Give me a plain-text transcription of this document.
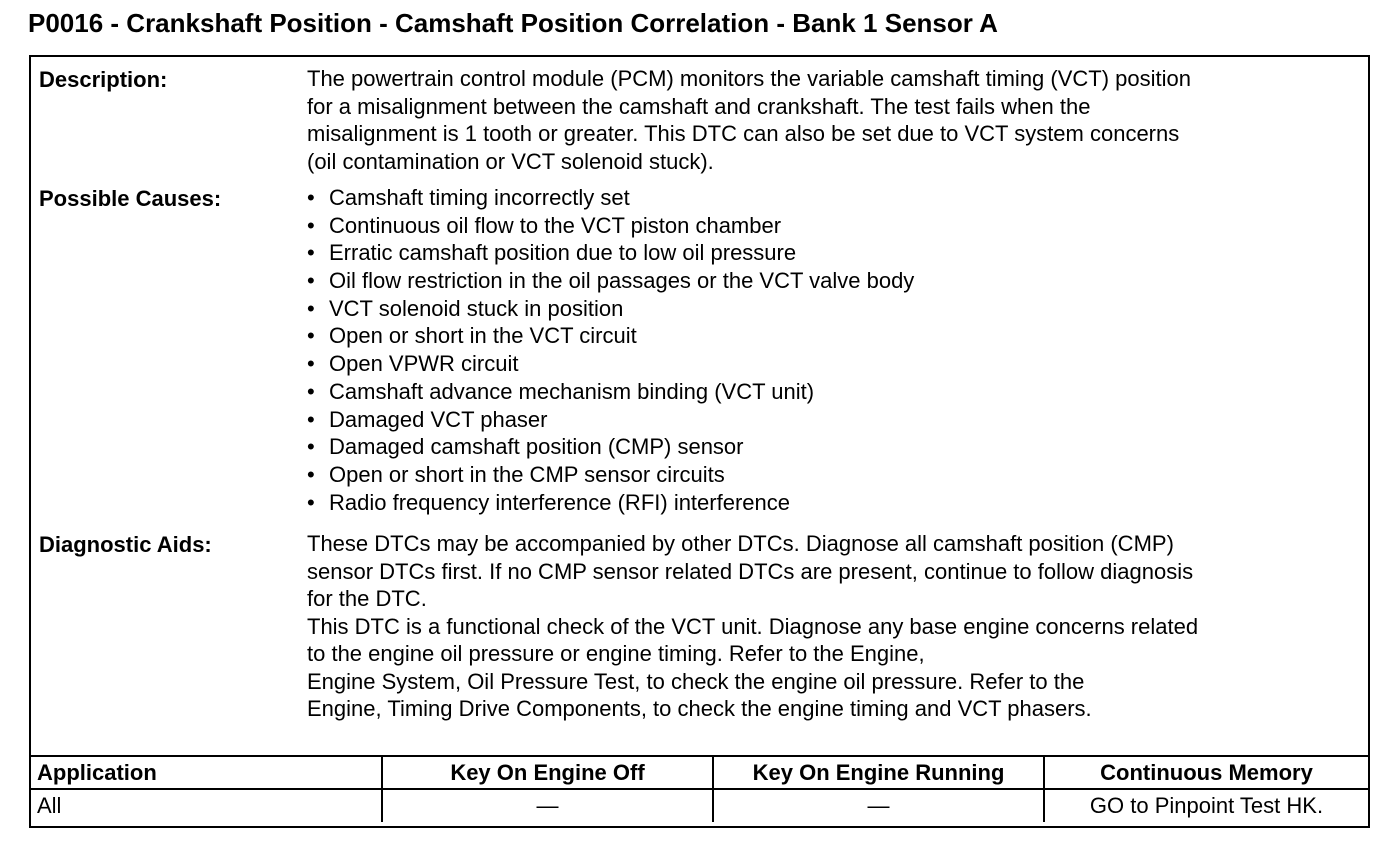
P0016 - Crankshaft Position - Camshaft Position Correlation - Bank 1 Sensor A
Description:	The powertrain control module (PCM) monitors the variable camshaft timing (VCT) position
for a misalignment between the camshaft and crankshaft. The test fails when the
misalignment is 1 tooth or greater. This DTC can also be set due to VCT system concerns
(oil contamination or VCT solenoid stuck).
Possible Causes:	• Camshaft timing incorrectly set
• Continuous oil flow to the VCT piston chamber
• Erratic camshaft position due to low oil pressure
• Oil flow restriction in the oil passages or the VCT valve body
• VCT solenoid stuck in position
• Open or short in the VCT circuit
• Open VPWR circuit
• Camshaft advance mechanism binding (VCT unit)
• Damaged VCT phaser
• Damaged camshaft position (CMP) sensor
• Open or short in the CMP sensor circuits
• Radio frequency interference (RFI) interference
Diagnostic Aids:	These DTCs may be accompanied by other DTCs. Diagnose all camshaft position (CMP)
sensor DTCs first. If no CMP sensor related DTCs are present, continue to follow diagnosis
for the DTC.
This DTC is a functional check of the VCT unit. Diagnose any base engine concerns related
to the engine oil pressure or engine timing. Refer to the Engine,
Engine System, Oil Pressure Test, to check the engine oil pressure. Refer to the
Engine, Timing Drive Components, to check the engine timing and VCT phasers.
Application	Key On Engine Off	Key On Engine Running	Continuous Memory
All	—	—	GO to Pinpoint Test HK.
